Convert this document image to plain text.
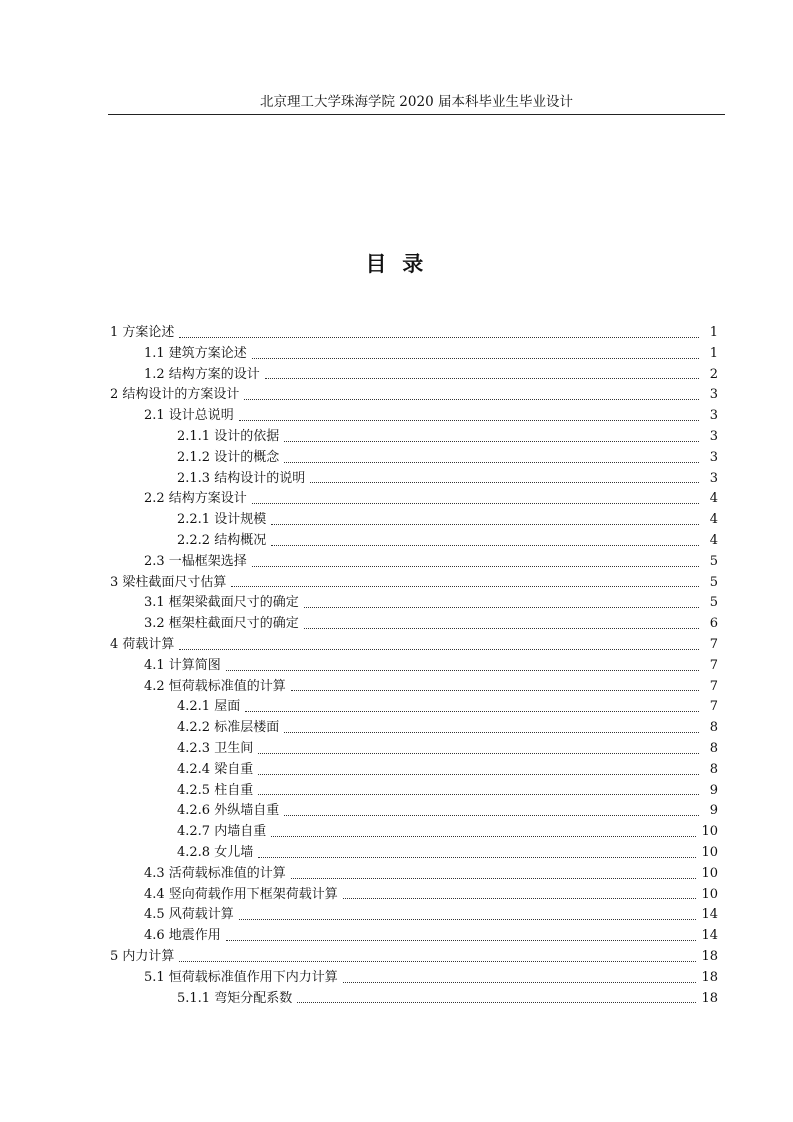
北京理工大学珠海学院 2020 届本科毕业生毕业设计
目 录
1 方案论述	1
1.1 建筑方案论述	1
1.2 结构方案的设计	2
2 结构设计的方案设计	3
2.1 设计总说明	3
2.1.1 设计的依据	3
2.1.2 设计的概念	3
2.1.3 结构设计的说明	3
2.2 结构方案设计	4
2.2.1 设计规模	4
2.2.2 结构概况	4
2.3 一榀框架选择	5
3 梁柱截面尺寸估算	5
3.1 框架梁截面尺寸的确定	5
3.2 框架柱截面尺寸的确定	6
4 荷载计算	7
4.1 计算简图	7
4.2 恒荷载标准值的计算	7
4.2.1 屋面	7
4.2.2 标准层楼面	8
4.2.3 卫生间	8
4.2.4 梁自重	8
4.2.5 柱自重	9
4.2.6 外纵墙自重	9
4.2.7 内墙自重	10
4.2.8 女儿墙	10
4.3 活荷载标准值的计算	10
4.4 竖向荷载作用下框架荷载计算	10
4.5 风荷载计算	14
4.6 地震作用	14
5 内力计算	18
5.1 恒荷载标准值作用下内力计算	18
5.1.1 弯矩分配系数	18
